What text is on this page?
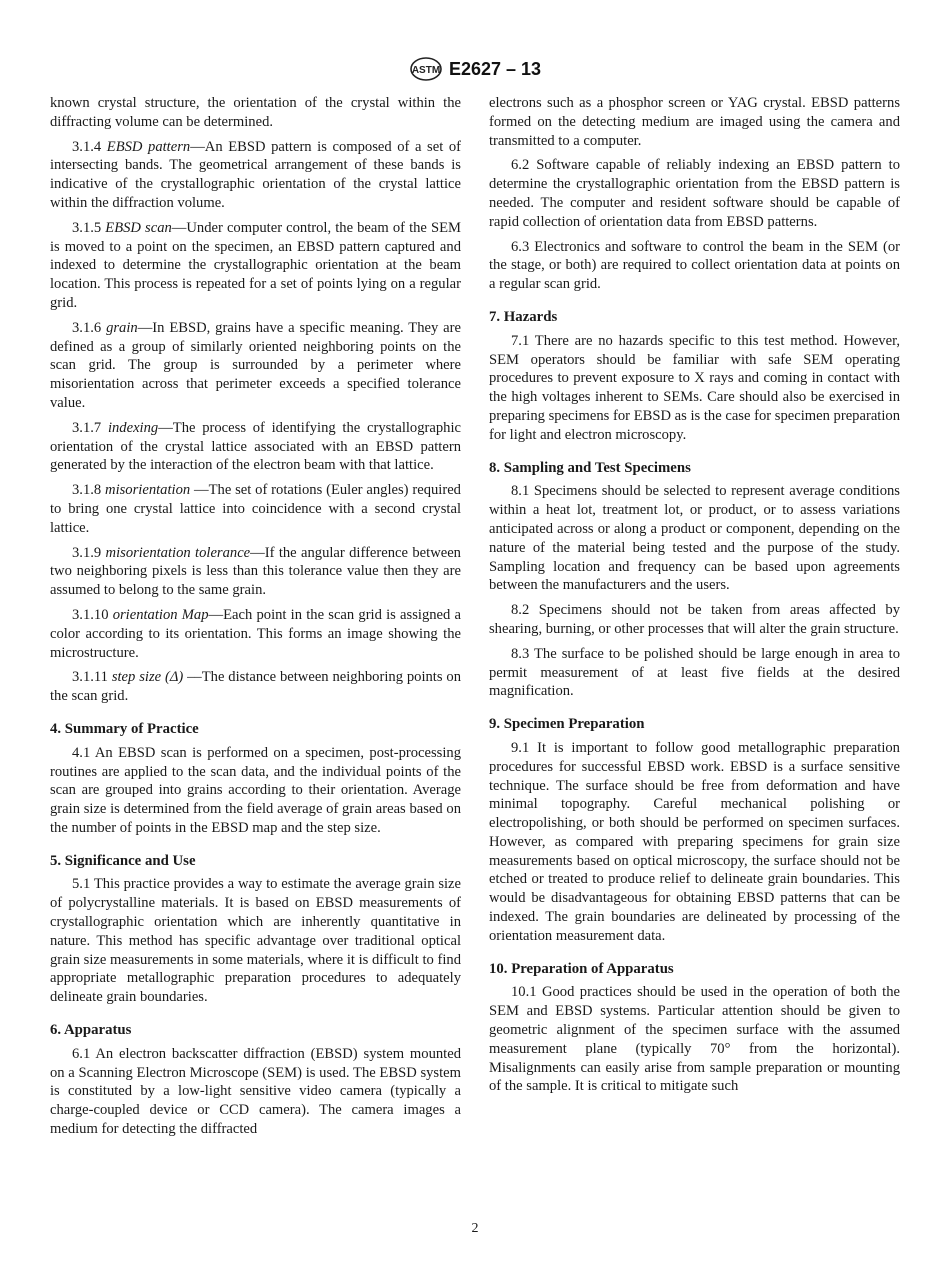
ASTM E2627 – 13

known crystal structure, the orientation of the crystal within the diffracting volume can be determined.

3.1.4 EBSD pattern—An EBSD pattern is composed of a set of intersecting bands. The geometrical arrangement of these bands is indicative of the crystallographic orientation of the crystal lattice within the diffraction volume.

3.1.5 EBSD scan—Under computer control, the beam of the SEM is moved to a point on the specimen, an EBSD pattern captured and indexed to determine the crystallographic orientation at the beam location. This process is repeated for a set of points lying on a regular grid.

3.1.6 grain—In EBSD, grains have a specific meaning. They are defined as a group of similarly oriented neighboring points on the scan grid. The group is surrounded by a perimeter where misorientation across that perimeter exceeds a specified tolerance value.

3.1.7 indexing—The process of identifying the crystallographic orientation of the crystal lattice associated with an EBSD pattern generated by the interaction of the electron beam with that lattice.

3.1.8 misorientation —The set of rotations (Euler angles) required to bring one crystal lattice into coincidence with a second crystal lattice.

3.1.9 misorientation tolerance—If the angular difference between two neighboring pixels is less than this tolerance value then they are assumed to belong to the same grain.

3.1.10 orientation Map—Each point in the scan grid is assigned a color according to its orientation. This forms an image showing the microstructure.

3.1.11 step size (Δ) ––The distance between neighboring points on the scan grid.

4. Summary of Practice

4.1 An EBSD scan is performed on a specimen, post-processing routines are applied to the scan data, and the individual points of the scan are grouped into grains according to their orientation. Average grain size is determined from the field average of grain areas based on the number of points in the EBSD map and the step size.

5. Significance and Use

5.1 This practice provides a way to estimate the average grain size of polycrystalline materials. It is based on EBSD measurements of crystallographic orientation which are inherently quantitative in nature. This method has specific advantage over traditional optical grain size measurements in some materials, where it is difficult to find appropriate metallographic preparation procedures to adequately delineate grain boundaries.

6. Apparatus

6.1 An electron backscatter diffraction (EBSD) system mounted on a Scanning Electron Microscope (SEM) is used. The EBSD system is constituted by a low-light sensitive video camera (typically a charge-coupled device or CCD camera). The camera images a medium for detecting the diffracted

electrons such as a phosphor screen or YAG crystal. EBSD patterns formed on the detecting medium are imaged using the camera and transmitted to a computer.

6.2 Software capable of reliably indexing an EBSD pattern to determine the crystallographic orientation from the EBSD pattern is needed. The computer and resident software should be capable of rapid collection of orientation data from EBSD patterns.

6.3 Electronics and software to control the beam in the SEM (or the stage, or both) are required to collect orientation data at points on a regular scan grid.

7. Hazards

7.1 There are no hazards specific to this test method. However, SEM operators should be familiar with safe SEM operating procedures to prevent exposure to X rays and coming in contact with the high voltages inherent to SEMs. Care should also be exercised in preparing specimens for EBSD as is the case for specimen preparation for light and electron microscopy.

8. Sampling and Test Specimens

8.1 Specimens should be selected to represent average conditions within a heat lot, treatment lot, or product, or to assess variations anticipated across or along a product or component, depending on the nature of the material being tested and the purpose of the study. Sampling location and frequency can be based upon agreements between the manufacturers and the users.

8.2 Specimens should not be taken from areas affected by shearing, burning, or other processes that will alter the grain structure.

8.3 The surface to be polished should be large enough in area to permit measurement of at least five fields at the desired magnification.

9. Specimen Preparation

9.1 It is important to follow good metallographic preparation procedures for successful EBSD work. EBSD is a surface sensitive technique. The surface should be free from deformation and have minimal topography. Careful mechanical polishing or electropolishing, or both should be performed on specimen surfaces. However, as compared with preparing specimens for grain size measurements based on optical microscopy, the surface should not be etched or treated to produce relief to delineate grain boundaries. This would be disadvantageous for obtaining EBSD patterns that can be indexed. The grain boundaries are delineated by processing of the orientation measurement data.

10. Preparation of Apparatus

10.1 Good practices should be used in the operation of both the SEM and EBSD systems. Particular attention should be given to geometric alignment of the specimen surface with the assumed measurement plane (typically 70° from the horizontal). Misalignments can easily arise from sample preparation or mounting of the sample. It is critical to mitigate such

2
